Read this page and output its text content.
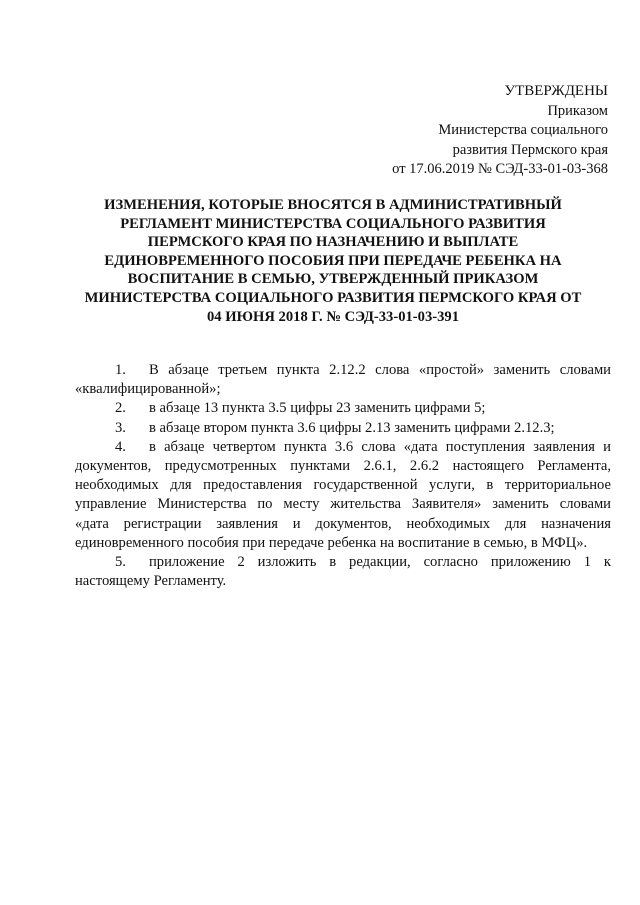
УТВЕРЖДЕНЫ
Приказом
Министерства социального
развития Пермского края
от 17.06.2019 № СЭД-33-01-03-368
ИЗМЕНЕНИЯ, КОТОРЫЕ ВНОСЯТСЯ В АДМИНИСТРАТИВНЫЙ
РЕГЛАМЕНТ МИНИСТЕРСТВА СОЦИАЛЬНОГО РАЗВИТИЯ
ПЕРМСКОГО КРАЯ ПО НАЗНАЧЕНИЮ И ВЫПЛАТЕ
ЕДИНОВРЕМЕННОГО ПОСОБИЯ ПРИ ПЕРЕДАЧЕ РЕБЕНКА НА
ВОСПИТАНИЕ В СЕМЬЮ, УТВЕРЖДЕННЫЙ ПРИКАЗОМ
МИНИСТЕРСТВА СОЦИАЛЬНОГО РАЗВИТИЯ ПЕРМСКОГО КРАЯ ОТ
04 ИЮНЯ 2018 Г. № СЭД-33-01-03-391
1. В абзаце третьем пункта 2.12.2 слова «простой» заменить словами
«квалифицированной»;
2. в абзаце 13 пункта 3.5 цифры 23 заменить цифрами 5;
3. в абзаце втором пункта 3.6 цифры 2.13 заменить цифрами 2.12.3;
4. в абзаце четвертом пункта 3.6 слова «дата поступления заявления и
документов, предусмотренных пунктами 2.6.1, 2.6.2 настоящего Регламента,
необходимых для предоставления государственной услуги, в территориальное
управление Министерства по месту жительства Заявителя» заменить словами
«дата регистрации заявления и документов, необходимых для назначения
единовременного пособия при передаче ребенка на воспитание в семью, в МФЦ».
5. приложение 2 изложить в редакции, согласно приложению 1 к
настоящему Регламенту.
